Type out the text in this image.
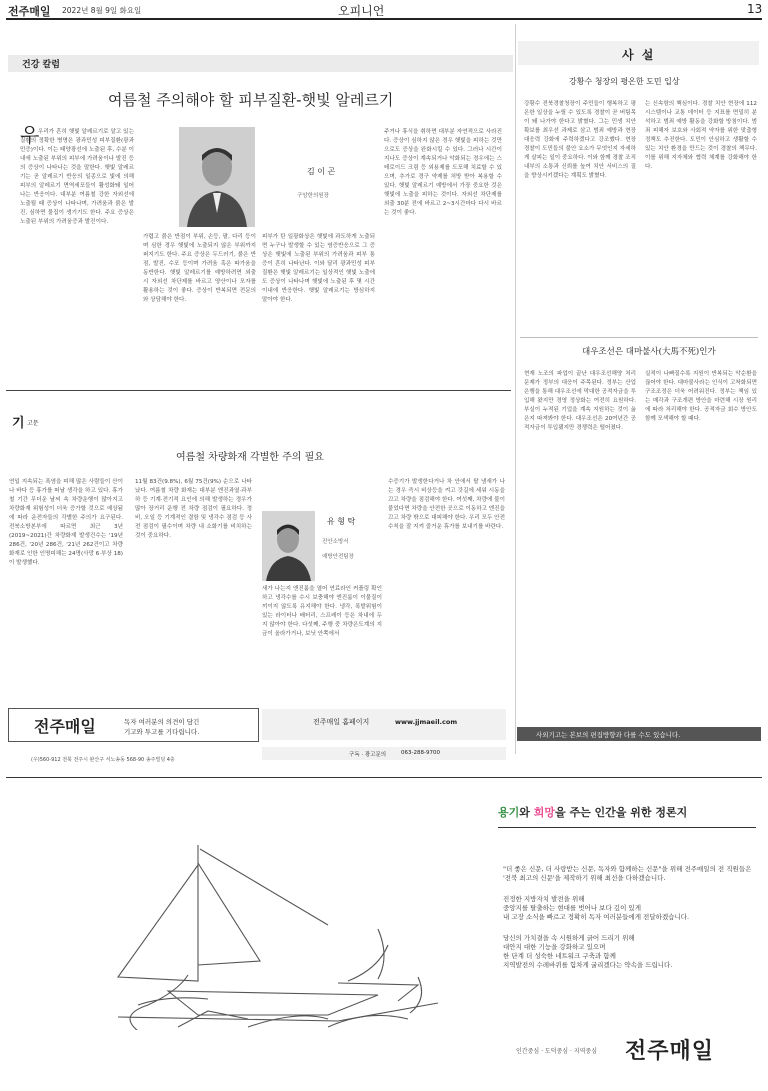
전주매일 2022년 8월 9일 화요일	오피니언	13
건강 칼럼
여름철 주의해야 할 피부질환-햇빛 알레르기
김 이 곤
구암한의원장
우

우리가 흔히 햇빛 알레르기로 알고 있는 질환의 정확한 병명은 광과민성 피부질환(광과민증)이다. 이는 태양광선에 노출된 후, 수분 이내에 노출된 부위의 피부에 가려움이나 발진 등의 증상이 나타나는 것을 말한다. 햇빛 알레르기는 곧 알레르기 반응의 일종으로 빛에 의해 피부의 알레르기 면역세포들이 활성화돼 일어나는 반응이다. 대부분 여름철 강한 자외선에 노출될 때 증상이 나타나며, 가려움과 붉은 발진, 심하면 물집이 생기기도 한다. 주요 증상은 노출된 부위의 가려움증과 발진이다.

가렵고 붉은 반점이 부위, 손등, 팔, 다리 등이며 심한 경우 햇빛에 노출되지 않은 부위까지 퍼지기도 한다. 주요 증상은 두드러기, 붉은 반점, 발진, 수포 등이며 가려움 혹은 따가움을 동반한다. 햇빛 알레르기를 예방하려면 외출 시 자외선 차단제를 바르고 양산이나 모자를 활용하는 것이 좋다. 증상이 반복되면 전문의와 상담해야 한다.

피부가 탄 일광화상은 햇빛에 과도하게 노출되면 누구나 발생할 수 있는 염증반응으로 그 증상은 햇빛에 노출된 부위의 가려움과 피부 통증이 흔히 나타난다. 이와 달리 광과민성 피부질환은 햇빛 알레르기는 일상적인 햇빛 노출에도 증상이 나타나며 햇빛에 노출된 후 몇 시간 이내에 반응한다. 햇빛 알레르기는 방심하지 말아야 한다.

주거나 휴식을 취하면 대부분 자연적으로 사라진다. 증상이 심하지 않은 경우 햇빛을 피하는 것만으로도 증상을 완화시킬 수 있다. 그러나 시간이 지나도 증상이 계속되거나 악화되는 경우에는 스테로이드 크림 등 외용제를 도포해 치료할 수 있으며, 추가로 경구 약제를 처방 받아 복용할 수 있다. 햇빛 알레르기 예방에서 가장 중요한 것은 햇빛에 노출을 피하는 것이다. 자외선 차단제를 외출 30분 전에 바르고 2~3시간마다 다시 바르는 것이 좋다.

기 고문
여름철 차량화재 각별한 주의 필요
유 형 탁
진안소방서
예방안전팀장

연일 지속되는 폭염을 피해 많은 사람들이 산이나 바다 등 휴가를 떠날 생각을 하고 있다. 휴가철 기간 무더운 날씨 속 차량운행이 많아지고 차량화재 위험성이 더욱 증가할 것으로 예상됨에 따라 운전자들의 각별한 주의가 요구된다. 전북소방본부에 따르면 최근 3년(2019~2021)간 차량화재 발생건수는 '19년 286건, '20년 286건, '21년 262건이고 차량화재로 인한 인명피해는 24명(사망 6·부상 18)이 발생했다.

11월 83건(9.8%), 6월 75건(9%) 순으로 나타났다. 여름철 차량 화재는 대부분 엔진과열·과부하 등 기계·전기적 요인에 의해 발생하는 경우가 많아 장거리 운행 전 차량 점검이 필요하다. 정비, 오일 등 기계적인 결함 및 냉각수 점검 등 사전 점검이 필수이며 차량 내 소화기를 비치하는 것이 중요하다.

새가 나는지 엔진룸을 열어 연료라인 커플링 확인하고 냉각수를 수시 보충해야 엔진룸이 이물질이 끼이지 않도록 유지해야 한다. 냉각, 폭발위험이 있는 라이터나 배터리, 스프레이 등은 차내에 두지 않아야 한다. 다섯째, 주행 중 차량은도계의 지금이 올라가거나, 보닛 안쪽에서

수증기가 발생한다거나 차 안에서 탈 냄새가 나는 경우 즉시 비상등을 켜고 갓길에 세워 시동을 끄고 차량을 점검해야 한다. 여섯째, 차량에 불이 붙었다면 차량을 안전한 곳으로 이동하고 엔진을 끄고 차량 밖으로 대피해야 한다. 우리 모두 안전수칙을 잘 지켜 즐거운 휴가를 보내기를 바란다.

전주매일	독자 여러분의 의견이 담긴
기고와 투고를 기다립니다.
(우)560-912 전북 전주시 완산구 서노송동 568-90 송주빌딩 4층
전주매일 홈페이지	www.jjmaeil.com
구독 · 광고문의	063-288-9700
사 설
강황수 청장의 평온한 도민 입상

강황수 전북경찰청장이 주민들이 행복하고 평온한 일상을 누릴 수 있도록 경찰이 곧 버팀목이 돼 나가야 한다고 밝혔다. 그는 민생 치안 확보를 최우선 과제로 삼고 범죄 예방과 현장 대응력 강화에 주력하겠다고 강조했다. 현장 경찰이 도민들의 불안 요소가 무엇인지 자세하게 살피는 일이 중요하다. 이와 함께 경찰 조직 내부의 소통과 신뢰를 높여 치안 서비스의 질을 향상시키겠다는 계획도 밝혔다.

는 신속함의 핵심이다. 경찰 치안 현장에 112시스템이나 교통 데이터 등 지표를 면밀히 분석하고 범죄 예방 활동을 강화할 방침이다. 범죄 피해자 보호와 사회적 약자를 위한 맞춤형 정책도 추진한다. 도민이 안심하고 생활할 수 있는 치안 환경을 만드는 것이 경찰의 책무다. 이를 위해 지자체와 협력 체계를 강화해야 한다.

대우조선은 대마불사(大馬不死)인가

현재 노조의 파업이 끝난 대우조선해양 처리 문제가 정부의 대응이 주목된다. 정부는 산업은행을 통해 대우조선에 막대한 공적자금을 투입해 왔지만 경영 정상화는 여전히 요원하다. 부실이 누적된 기업을 계속 지원하는 것이 옳은지 따져봐야 한다. 대우조선은 20여년간 공적자금이 투입됐지만 경쟁력은 떨어졌다.

실적이 나빠질수록 지원이 반복되는 악순환을 끊어야 한다. 대마불사라는 인식이 고착화되면 구조조정은 더욱 어려워진다. 정부는 책임 있는 매각과 구조개편 방안을 마련해 시장 원리에 따라 처리해야 한다. 공적자금 회수 방안도 함께 모색해야 할 때다.

사외기고는 본보의 편집방향과 다를 수도 있습니다.
용기와 희망을 주는 인간을 위한 정론지
"더 좋은 신문, 더 사랑받는 신문, 독자와 함께하는 신문"을 위해 전주매일의 전 직원들은
'전북 최고의 신문'을 제작하기 위해 최선을 다하겠습니다.
진정한 지방자치 발전을 위해
중앙지를 탈출하는 현대를 벗어나 보다 깊이 있게
내 고장 소식을 빠르고 정확히 독자 여러분들에게 전달하겠습니다.
당신의 가치곁을 속 시원하게 긁어 드리기 위해
대안지 대한 기능을 강화하고 있으며
한 단계 더 성숙한 네트워크 구축과 함께
지역발전의 수레바퀴를 힘차게 굴리겠다는 약속을 드립니다.
인간중심 · 도덕중심 · 지역중심 전주매일
